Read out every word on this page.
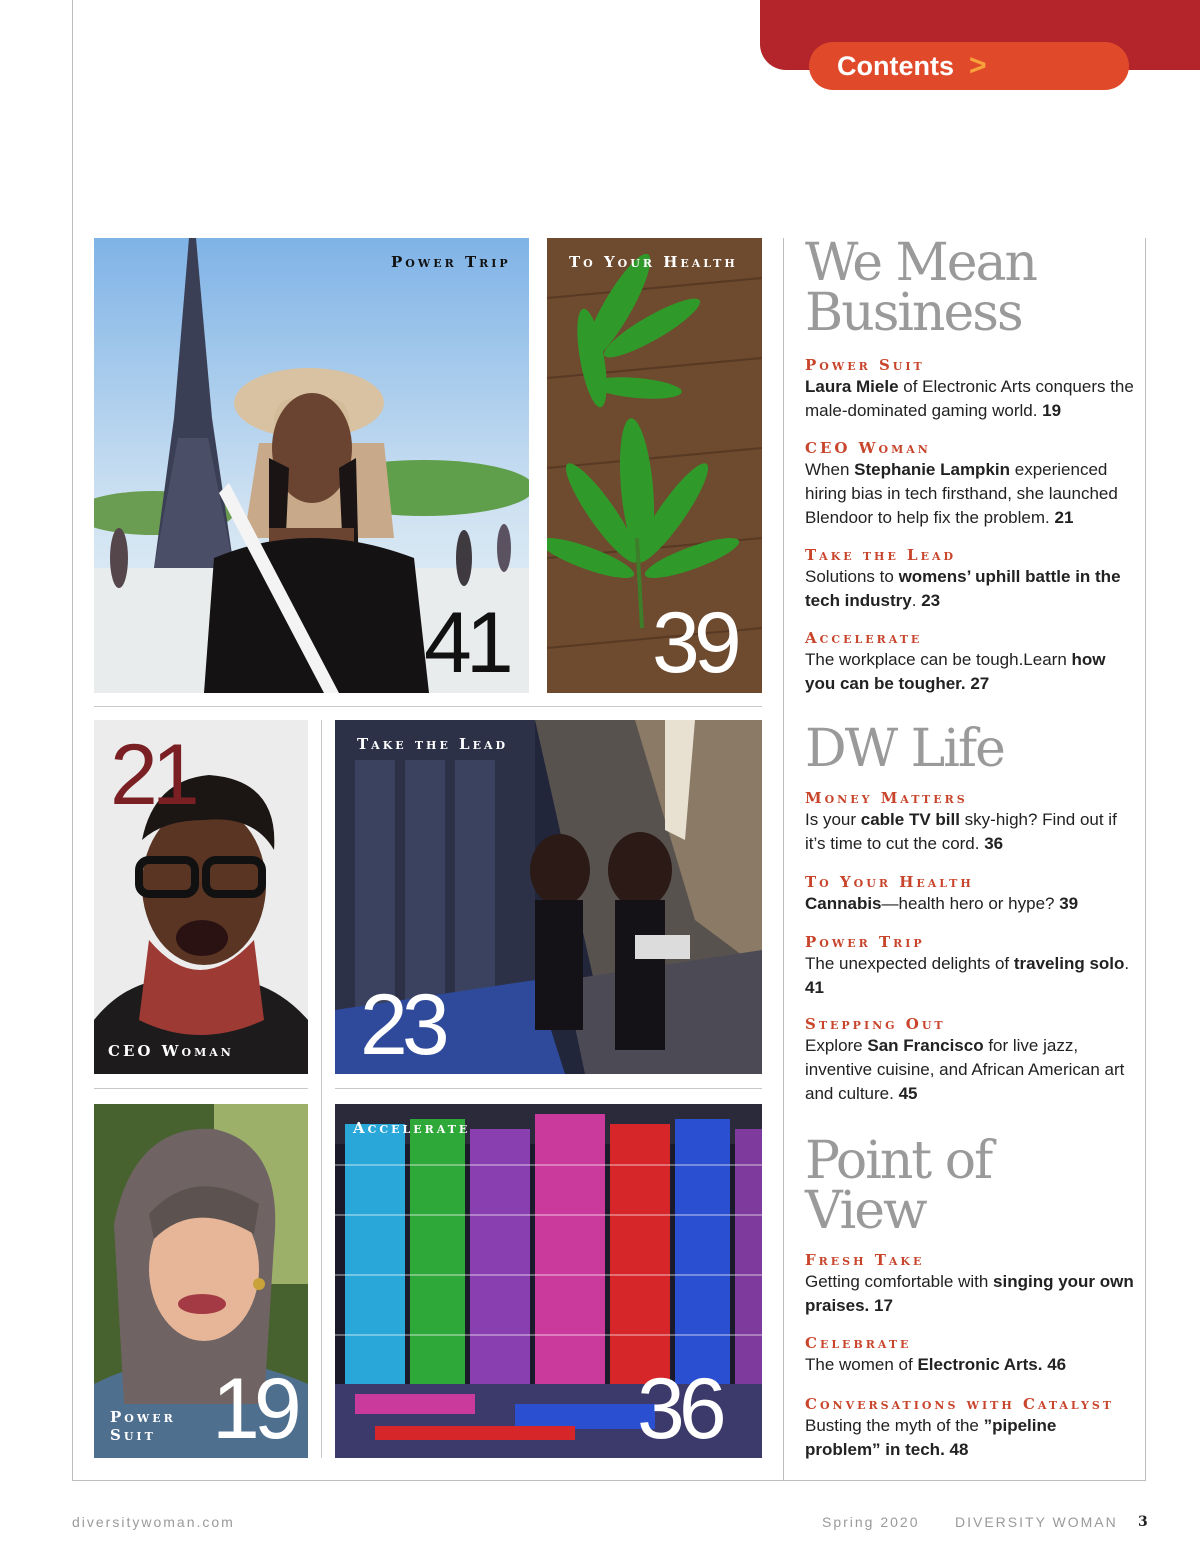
Contents >
Power Trip
41
To Your Health
39
21
CEO Woman
Take the Lead
23
Power
Suit 19
Accelerate
36
We Mean
Business
Power Suit
Laura Miele of Electronic Arts conquers the male-dominated gaming world. 19
CEO Woman
When Stephanie Lampkin experienced hiring bias in tech firsthand, she launched Blendoor to help fix the problem. 21
Take the Lead
Solutions to womens’ uphill battle in the tech industry. 23
Accelerate
The workplace can be tough.Learn how you can be tougher. 27
DW Life
Money Matters
Is your cable TV bill sky-high? Find out if it’s time to cut the cord. 36
To Your Health
Cannabis—health hero or hype? 39
Power Trip
The unexpected delights of traveling solo. 41
Stepping Out
Explore San Francisco for live jazz, inventive cuisine, and African American art and culture. 45
Point of
View
Fresh Take
Getting comfortable with singing your own praises. 17
Celebrate
The women of Electronic Arts. 46
Conversations with Catalyst
Busting the myth of the ”pipeline problem” in tech. 48
diversitywoman.com	Spring 2020	DIVERSITY WOMAN 3
